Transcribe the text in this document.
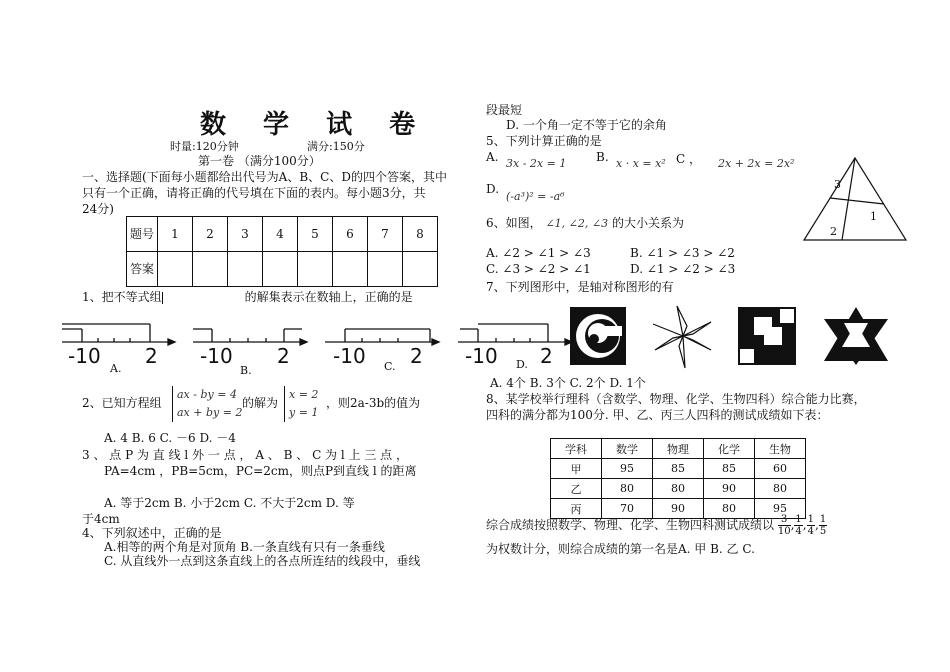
数 学 试 卷
时量:120分钟	满分:150分
第一卷 （满分100分）
一、选择题(下面每小题都给出代号为A、B、C、D的四个答案，其中
只有一个正确，请将正确的代号填在下面的表内。每小题3分，共
24分)
题号	1	2	3	4	5	6	7	8
答案								
1、把不等式组	的解集表示在数轴上，正确的是
-10 2
A.
-10 2
B.
-10 2
C.	-10 2
D.
2、已知方程组
ax - by = 4
ax + by = 2
的解为
x = 2
y = 1
，则2a-3b的值为
A. 4 B. 6 C. －6 D. －4
3 、 点 P 为 直 线 l 外 一 点 ， A 、 B 、 C 为 l 上 三 点 ，
PA=4cm ，PB=5cm，PC=2cm，则点P到直线 l 的距离
A. 等于2cm B. 小于2cm C. 不大于2cm D. 等
于4cm
4、下列叙述中，正确的是
A.相等的两个角是对顶角 B.一条直线有只有一条垂线
C. 从直线外一点到这条直线上的各点所连结的线段中，垂线
段最短
D. 一个角一定不等于它的余角
5、下列计算正确的是
A. 3x - 2x = 1 B. x · x = x² C ， 2x + 2x = 2x²
D.
(-a³)² = -a⁶
6、如图， ∠1, ∠2, ∠3 的大小关系为
A. ∠2 > ∠1 > ∠3	B. ∠1 > ∠3 > ∠2
C. ∠3 > ∠2 > ∠1	D. ∠1 > ∠2 > ∠3
3
1
2
7、下列图形中，是轴对称图形的有
A. 4个 B. 3个 C. 2个 D. 1个
8、某学校举行理科（含数学、物理、化学、生物四科）综合能力比赛，
四科的满分都为100分. 甲、乙、丙三人四科的测试成绩如下表：
学科	数学	物理	化学	生物
甲	95	85	85	60
乙	80	80	90	80
丙	70	90	80	95
综合成绩按照数学、物理、化学、生物四科测试成绩以 $\frac{3}{10}$, $\frac{1}{4}$, $\frac{1}{4}$, $\frac{1}{5}$
为权数计分，则综合成绩的第一名是A. 甲 B. 乙 C.
